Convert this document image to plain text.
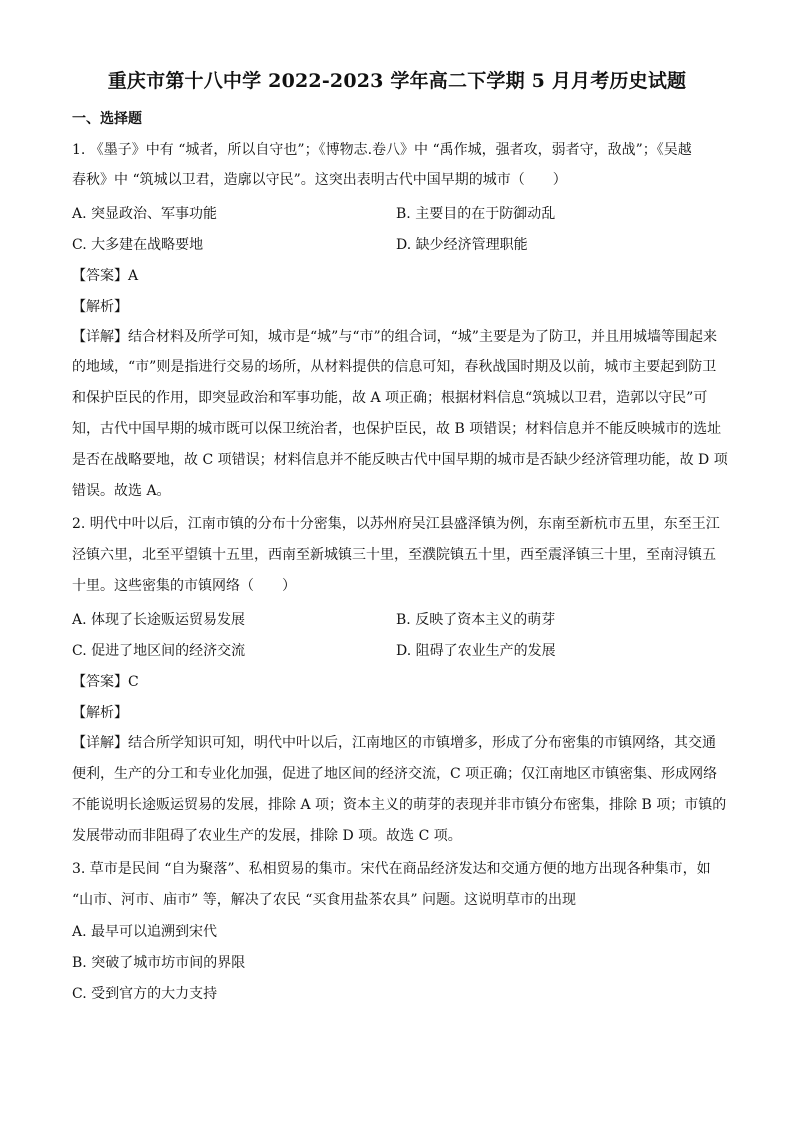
重庆市第十八中学 2022-2023 学年高二下学期 5 月月考历史试题
一、选择题
1. 《墨子》中有 “城者，所以自守也”；《博物志.卷八》中 “禹作城，强者攻，弱者守，敌战”；《吴越
春秋》中 “筑城以卫君，造廓以守民”。这突出表明古代中国早期的城市（　　）
A. 突显政治、军事功能	B. 主要目的在于防御动乱
C. 大多建在战略要地	D. 缺少经济管理职能
【答案】A
【解析】
【详解】结合材料及所学可知，城市是“城”与“市”的组合词，“城”主要是为了防卫，并且用城墙等围起来
的地域，“市”则是指进行交易的场所，从材料提供的信息可知，春秋战国时期及以前，城市主要起到防卫
和保护臣民的作用，即突显政治和军事功能，故 A 项正确；根据材料信息“筑城以卫君，造郭以守民”可
知，古代中国早期的城市既可以保卫统治者，也保护臣民，故 B 项错误；材料信息并不能反映城市的选址
是否在战略要地，故 C 项错误；材料信息并不能反映古代中国早期的城市是否缺少经济管理功能，故 D 项
错误。故选 A。
2. 明代中叶以后，江南市镇的分布十分密集，以苏州府吴江县盛泽镇为例，东南至新杭市五里，东至王江
泾镇六里，北至平望镇十五里，西南至新城镇三十里，至濮院镇五十里，西至震泽镇三十里，至南浔镇五
十里。这些密集的市镇网络（　　）
A. 体现了长途贩运贸易发展	B. 反映了资本主义的萌芽
C. 促进了地区间的经济交流	D. 阻碍了农业生产的发展
【答案】C
【解析】
【详解】结合所学知识可知，明代中叶以后，江南地区的市镇增多，形成了分布密集的市镇网络，其交通
便利，生产的分工和专业化加强，促进了地区间的经济交流，C 项正确；仅江南地区市镇密集、形成网络
不能说明长途贩运贸易的发展，排除 A 项；资本主义的萌芽的表现并非市镇分布密集，排除 B 项；市镇的
发展带动而非阻碍了农业生产的发展，排除 D 项。故选 C 项。
3. 草市是民间 “自为聚落”、私相贸易的集市。宋代在商品经济发达和交通方便的地方出现各种集市，如
“山市、河市、庙市” 等，解决了农民 “买食用盐茶农具” 问题。这说明草市的出现
A. 最早可以追溯到宋代
B. 突破了城市坊市间的界限
C. 受到官方的大力支持
